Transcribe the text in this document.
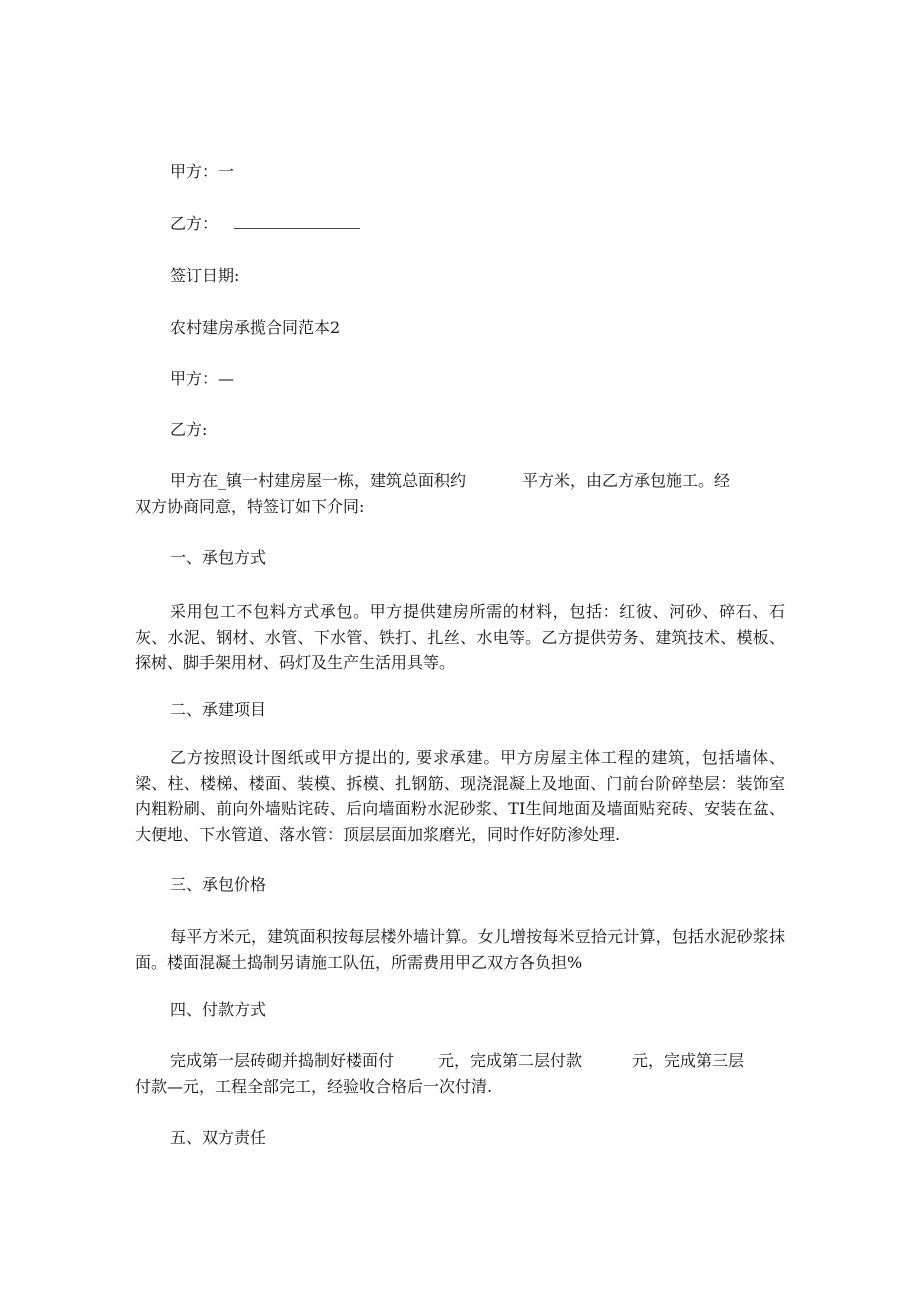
甲方：一
乙方：
签订日期:
农村建房承揽合同范本2
甲方：—
乙方:
甲方在_镇一村建房屋一栋，建筑总面积约	平方米，由乙方承包施工。经
双方协商同意，特签订如下介同:
一、承包方式
采用包工不包料方式承包。甲方提供建房所需的材料，包括：红彼、河砂、碎石、石灰、水泥、钢材、水管、下水管、铁打、扎丝、水电等。乙方提供劳务、建筑技术、模板、探树、脚手架用材、码灯及生产生活用具等。
二、承建项目
乙方按照设计图纸或甲方提出的, 要求承建。甲方房屋主体工程的建筑，包括墙体、梁、柱、楼梯、楼面、装模、拆模、扎钢筋、现浇混凝上及地面、门前台阶碎垫层：装饰室内粗粉刷、前向外墙贴诧砖、后向墙面粉水泥砂浆、TI生间地面及墙面贴兖砖、安装在盆、大便地、下水管道、落水管：顶层层面加浆磨光，同时作好防渗处理.
三、承包价格
每平方米元，建筑面积按每层楼外墙计算。女儿增按每米豆拾元计算，包括水泥砂浆抹面。楼面混凝土捣制另请施工队伍，所需费用甲乙双方各负担%
四、付款方式
完成第一层砖砌并捣制好楼面付	元，完成第二层付款	元，完成第三层
付款—元，工程全部完工，经验收合格后一次付清.
五、双方责任
